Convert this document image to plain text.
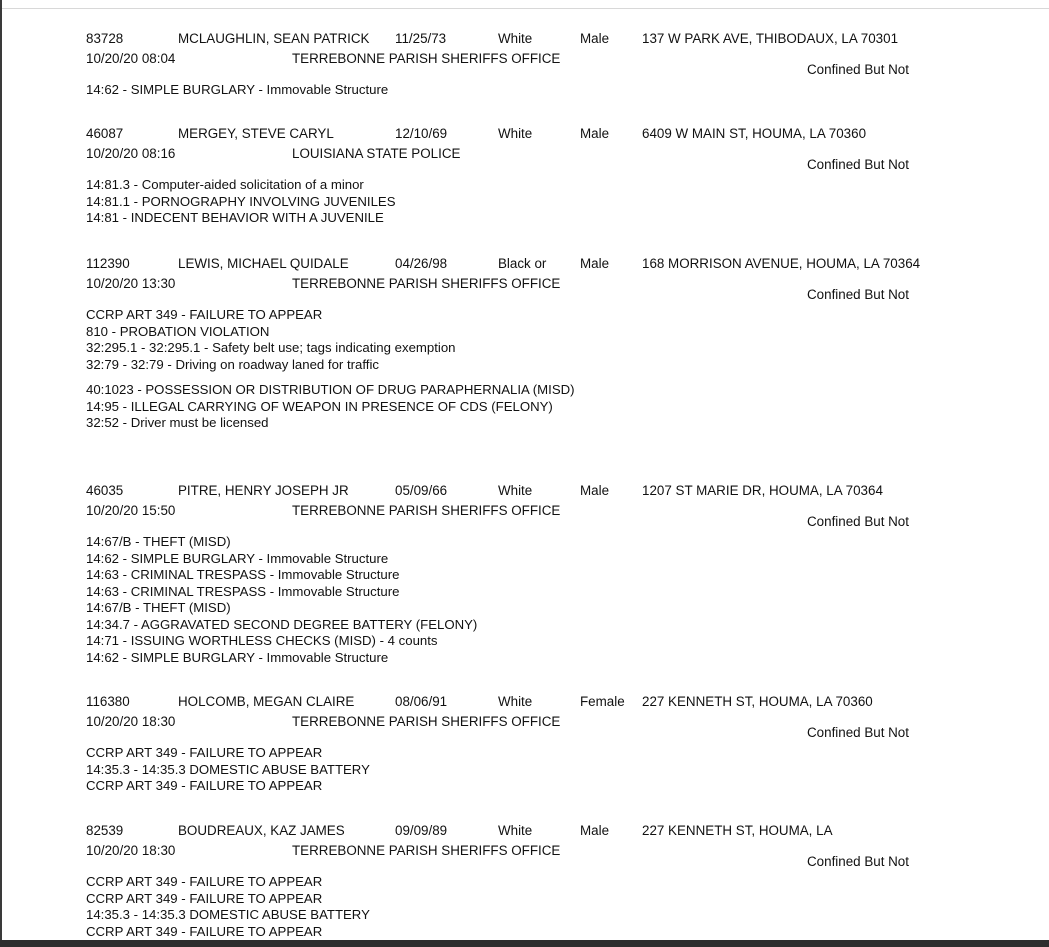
83728	MCLAUGHLIN, SEAN PATRICK 11/25/73	White	Male 137 W PARK AVE, THIBODAUX, LA 70301
10/20/20 08:04	TERREBONNE PARISH SHERIFFS OFFICE
Confined But Not
14:62 - SIMPLE BURGLARY - Immovable Structure
46087	MERGEY, STEVE CARYL	12/10/69	White	Male 6409 W MAIN ST, HOUMA, LA 70360
10/20/20 08:16	LOUISIANA STATE POLICE
Confined But Not
14:81.3 - Computer-aided solicitation of a minor
14:81.1 - PORNOGRAPHY INVOLVING JUVENILES
14:81 - INDECENT BEHAVIOR WITH A JUVENILE
112390	LEWIS, MICHAEL QUIDALE	04/26/98	Black or	Male 168 MORRISON AVENUE, HOUMA, LA 70364
10/20/20 13:30	TERREBONNE PARISH SHERIFFS OFFICE
Confined But Not
CCRP ART 349 - FAILURE TO APPEAR
810 - PROBATION VIOLATION
32:295.1 - 32:295.1 - Safety belt use; tags indicating exemption
32:79 - 32:79 - Driving on roadway laned for traffic
40:1023 - POSSESSION OR DISTRIBUTION OF DRUG PARAPHERNALIA (MISD)
14:95 - ILLEGAL CARRYING OF WEAPON IN PRESENCE OF CDS (FELONY)
32:52 - Driver must be licensed
46035	PITRE, HENRY JOSEPH JR	05/09/66	White	Male 1207 ST MARIE DR, HOUMA, LA 70364
10/20/20 15:50	TERREBONNE PARISH SHERIFFS OFFICE
Confined But Not
14:67/B - THEFT (MISD)
14:62 - SIMPLE BURGLARY - Immovable Structure
14:63 - CRIMINAL TRESPASS - Immovable Structure
14:63 - CRIMINAL TRESPASS - Immovable Structure
14:67/B - THEFT (MISD)
14:34.7 - AGGRAVATED SECOND DEGREE BATTERY (FELONY)
14:71 - ISSUING WORTHLESS CHECKS (MISD) - 4 counts
14:62 - SIMPLE BURGLARY - Immovable Structure
116380	HOLCOMB, MEGAN CLAIRE	08/06/91	White	Female 227 KENNETH ST, HOUMA, LA 70360
10/20/20 18:30	TERREBONNE PARISH SHERIFFS OFFICE
Confined But Not
CCRP ART 349 - FAILURE TO APPEAR
14:35.3 - 14:35.3 DOMESTIC ABUSE BATTERY
CCRP ART 349 - FAILURE TO APPEAR
82539	BOUDREAUX, KAZ JAMES	09/09/89	White	Male 227 KENNETH ST, HOUMA, LA
10/20/20 18:30	TERREBONNE PARISH SHERIFFS OFFICE
Confined But Not
CCRP ART 349 - FAILURE TO APPEAR
CCRP ART 349 - FAILURE TO APPEAR
14:35.3 - 14:35.3 DOMESTIC ABUSE BATTERY
CCRP ART 349 - FAILURE TO APPEAR
